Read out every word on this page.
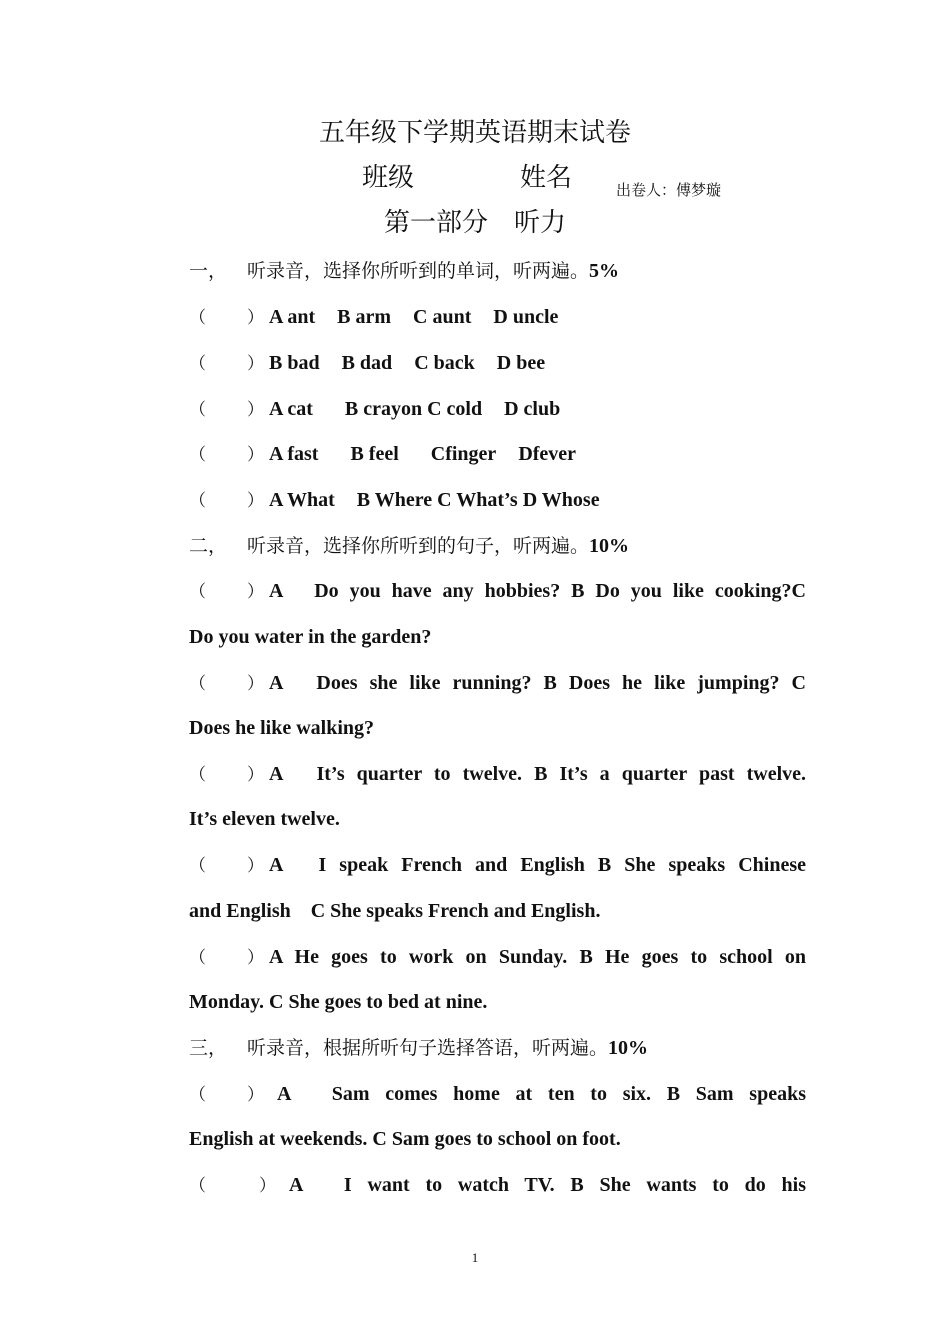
五年级下学期英语期末试卷
班级	姓名	出卷人：傅梦璇
第一部分　听力
一， 听录音，选择你所听到的单词，听两遍。5%
（ ） A ant B arm C aunt D uncle
（ ） B bad B dad C back D bee
（ ） A cat B crayon C cold D club
（ ） A fast B feel Cfinger Dfever
（ ） A What B Where C What’s D Whose
二， 听录音，选择你所听到的句子，听两遍。10%
（ ） A　Do you have any hobbies? B Do you like cooking?C
Do you water in the garden?
（ ） A　Does she like running? B Does he like jumping? C
Does he like walking?
（ ） A　It’s quarter to twelve. B It’s a quarter past twelve.
It’s eleven twelve.
（ ） A　I speak French and English B She speaks Chinese
and English　C She speaks French and English.
（ ） A He goes to work on Sunday. B He goes to school on
Monday. C She goes to bed at nine.
三， 听录音，根据所听句子选择答语，听两遍。10%
（ ） A　Sam comes home at ten to six. B Sam speaks
English at weekends. C Sam goes to school on foot.
（	） A　I want to watch TV. B She wants to do his
1
